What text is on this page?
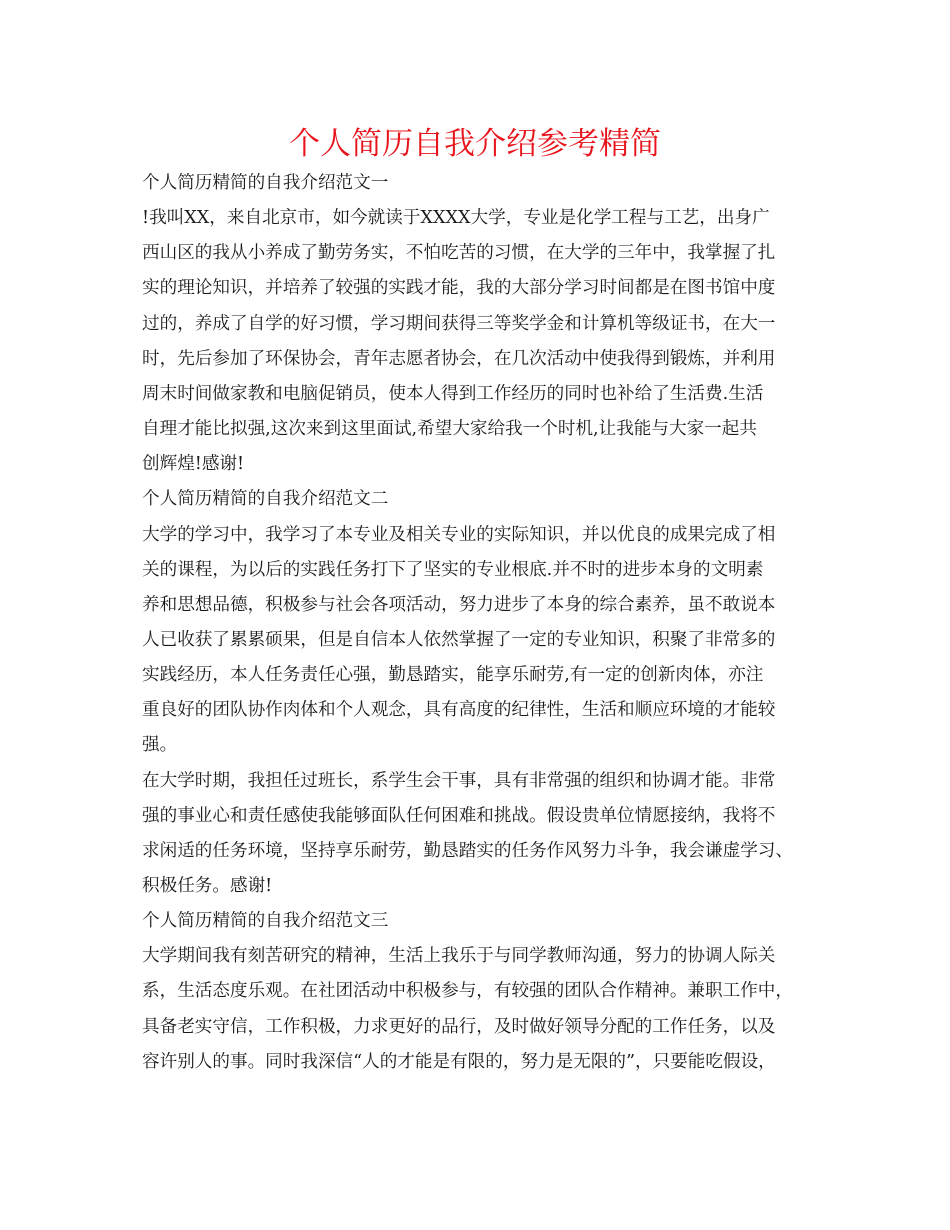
个人简历自我介绍参考精简
个人简历精简的自我介绍范文一
!我叫XX，来自北京市，如今就读于XXXX大学，专业是化学工程与工艺，出身广
西山区的我从小养成了勤劳务实，不怕吃苦的习惯，在大学的三年中，我掌握了扎
实的理论知识，并培养了较强的实践才能，我的大部分学习时间都是在图书馆中度
过的，养成了自学的好习惯，学习期间获得三等奖学金和计算机等级证书，在大一
时，先后参加了环保协会，青年志愿者协会，在几次活动中使我得到锻炼，并利用
周末时间做家教和电脑促销员，使本人得到工作经历的同时也补给了生活费.生活
自理才能比拟强,这次来到这里面试,希望大家给我一个时机,让我能与大家一起共
创辉煌!感谢!
个人简历精简的自我介绍范文二
大学的学习中，我学习了本专业及相关专业的实际知识，并以优良的成果完成了相
关的课程，为以后的实践任务打下了坚实的专业根底.并不时的进步本身的文明素
养和思想品德，积极参与社会各项活动，努力进步了本身的综合素养，虽不敢说本
人已收获了累累硕果，但是自信本人依然掌握了一定的专业知识，积聚了非常多的
实践经历，本人任务责任心强，勤恳踏实，能享乐耐劳,有一定的创新肉体，亦注
重良好的团队协作肉体和个人观念，具有高度的纪律性，生活和顺应环境的才能较
强。
在大学时期，我担任过班长，系学生会干事，具有非常强的组织和协调才能。非常
强的事业心和责任感使我能够面队任何困难和挑战。假设贵单位情愿接纳，我将不
求闲适的任务环境，坚持享乐耐劳，勤恳踏实的任务作风努力斗争，我会谦虚学习、
积极任务。感谢!
个人简历精简的自我介绍范文三
大学期间我有刻苦研究的精神，生活上我乐于与同学教师沟通，努力的协调人际关
系，生活态度乐观。在社团活动中积极参与，有较强的团队合作精神。兼职工作中，
具备老实守信，工作积极，力求更好的品行，及时做好领导分配的工作任务，以及
容许别人的事。同时我深信“人的才能是有限的，努力是无限的”，只要能吃假设，
